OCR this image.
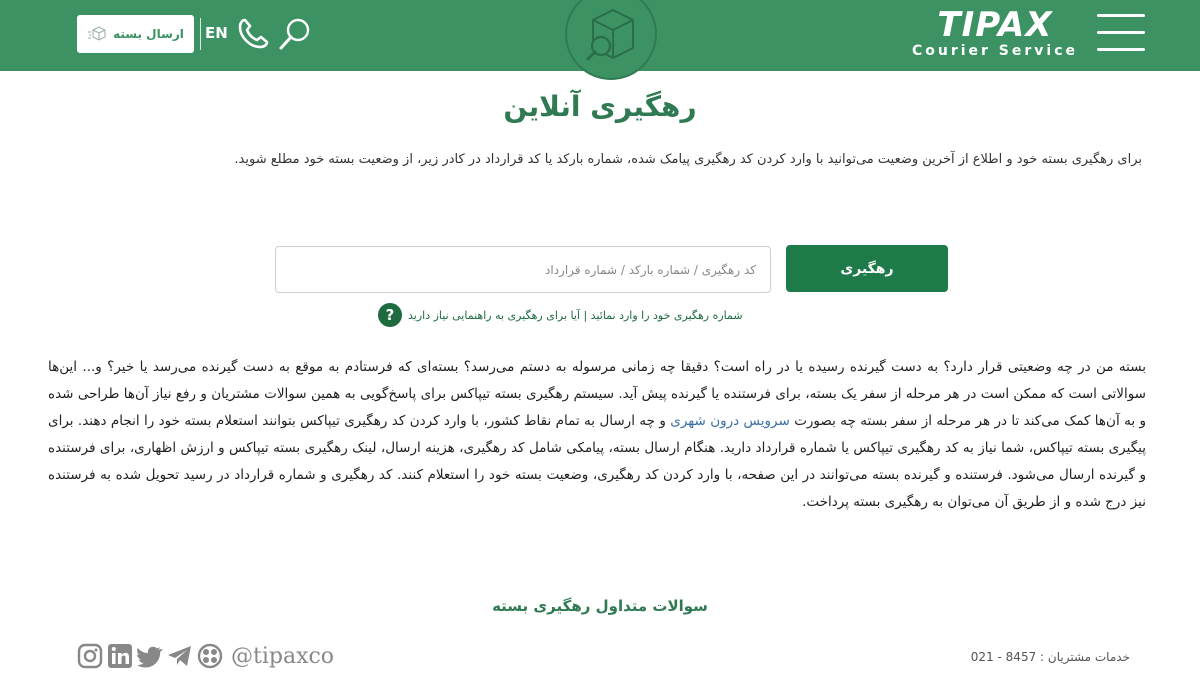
ارسال بسته EN	TIPAX
Courier Service
رهگیری آنلاین

برای رهگیری بسته خود و اطلاع از آخرین وضعیت می‌توانید با وارد کردن کد رهگیری پیامک شده، شماره بارکد یا کد قرارداد در کادر زیر، از وضعیت بسته خود مطلع شوید.

رهگیری
کد رهگیری / شماره بارکد / شماره قرارداد
?	شماره رهگیری خود را وارد نمائید | آیا برای رهگیری به راهنمایی نیاز دارید
بسته من در چه وضعیتی قرار دارد؟ به دست گیرنده رسیده یا در راه است؟ دقیقا چه زمانی مرسوله به دستم می‌رسد؟ بسته‌ای که فرستادم به موقع به دست گیرنده می‌رسد یا خیر؟ و... این‌ها سوالاتی است که ممکن است در هر مرحله از سفر یک بسته، برای فرستنده یا گیرنده پیش آید. سیستم رهگیری بسته تیپاکس برای پاسخ‌گویی به همین سوالات مشتریان و رفع نیاز آن‌ها طراحی شده و به آن‌ها کمک می‌کند تا در هر مرحله از سفر بسته چه بصورت سرویس درون شهری و چه ارسال به تمام نقاط کشور، با وارد کردن کد رهگیری تیپاکس بتوانند استعلام بسته خود را انجام دهند. برای پیگیری بسته تیپاکس، شما نیاز به کد رهگیری تیپاکس یا شماره قرارداد دارید. هنگام ارسال بسته، پیامکی شامل کد رهگیری، هزینه ارسال، لینک رهگیری بسته تیپاکس و ارزش اظهاری، برای فرستنده و گیرنده ارسال می‌شود. فرستنده و گیرنده بسته می‌توانند در این صفحه، با وارد کردن کد رهگیری، وضعیت بسته خود را استعلام کنند. کد رهگیری و شماره قرارداد در رسید تحویل شده به فرستنده نیز درج شده و از طریق آن می‌توان به رهگیری بسته پرداخت.
سوالات متداول رهگیری بسته
@tipaxco	خدمات مشتریان : 8457 - 021
